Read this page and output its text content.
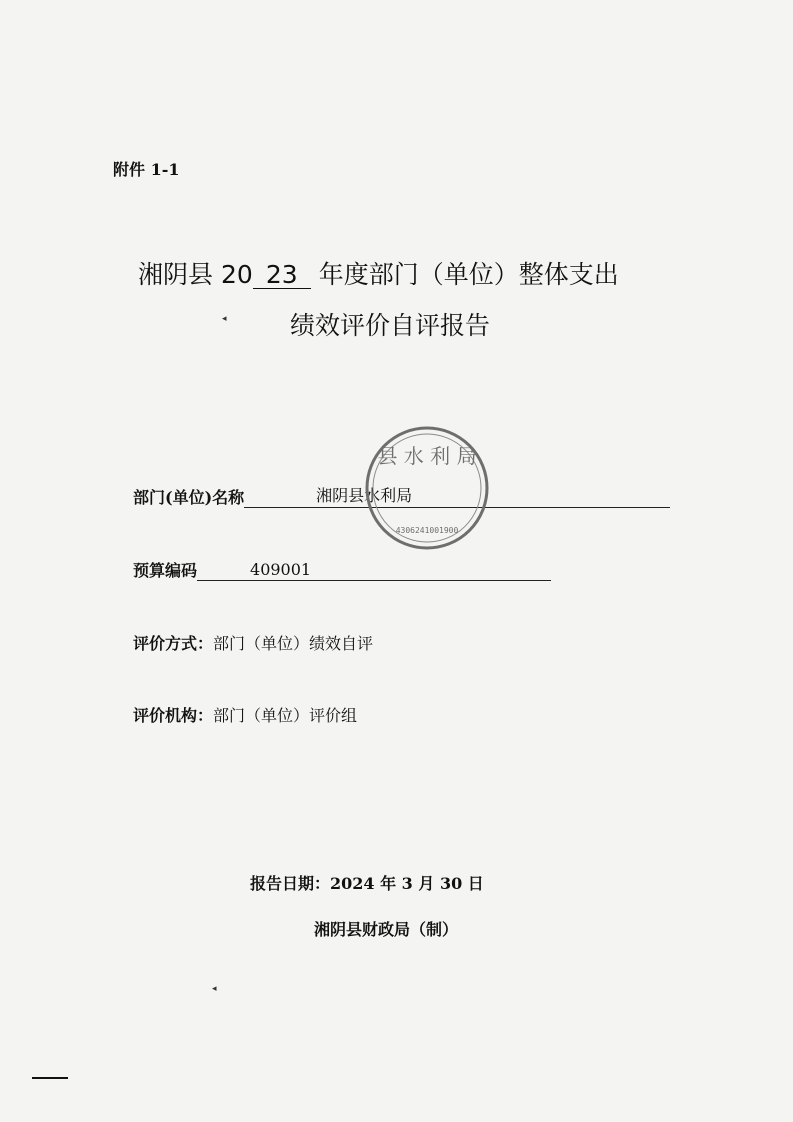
附件 1-1
湘阴县 20 23 年度部门（单位）整体支出
绩效评价自评报告
◂
部门(单位)名称	湘阴县水利局
预算编码	409001
评价方式： 部门（单位）绩效自评
评价机构： 部门（单位）评价组
县 水 利 局
4306241001900
报告日期：2024 年 3 月 30 日
湘阴县财政局（制）
◂
